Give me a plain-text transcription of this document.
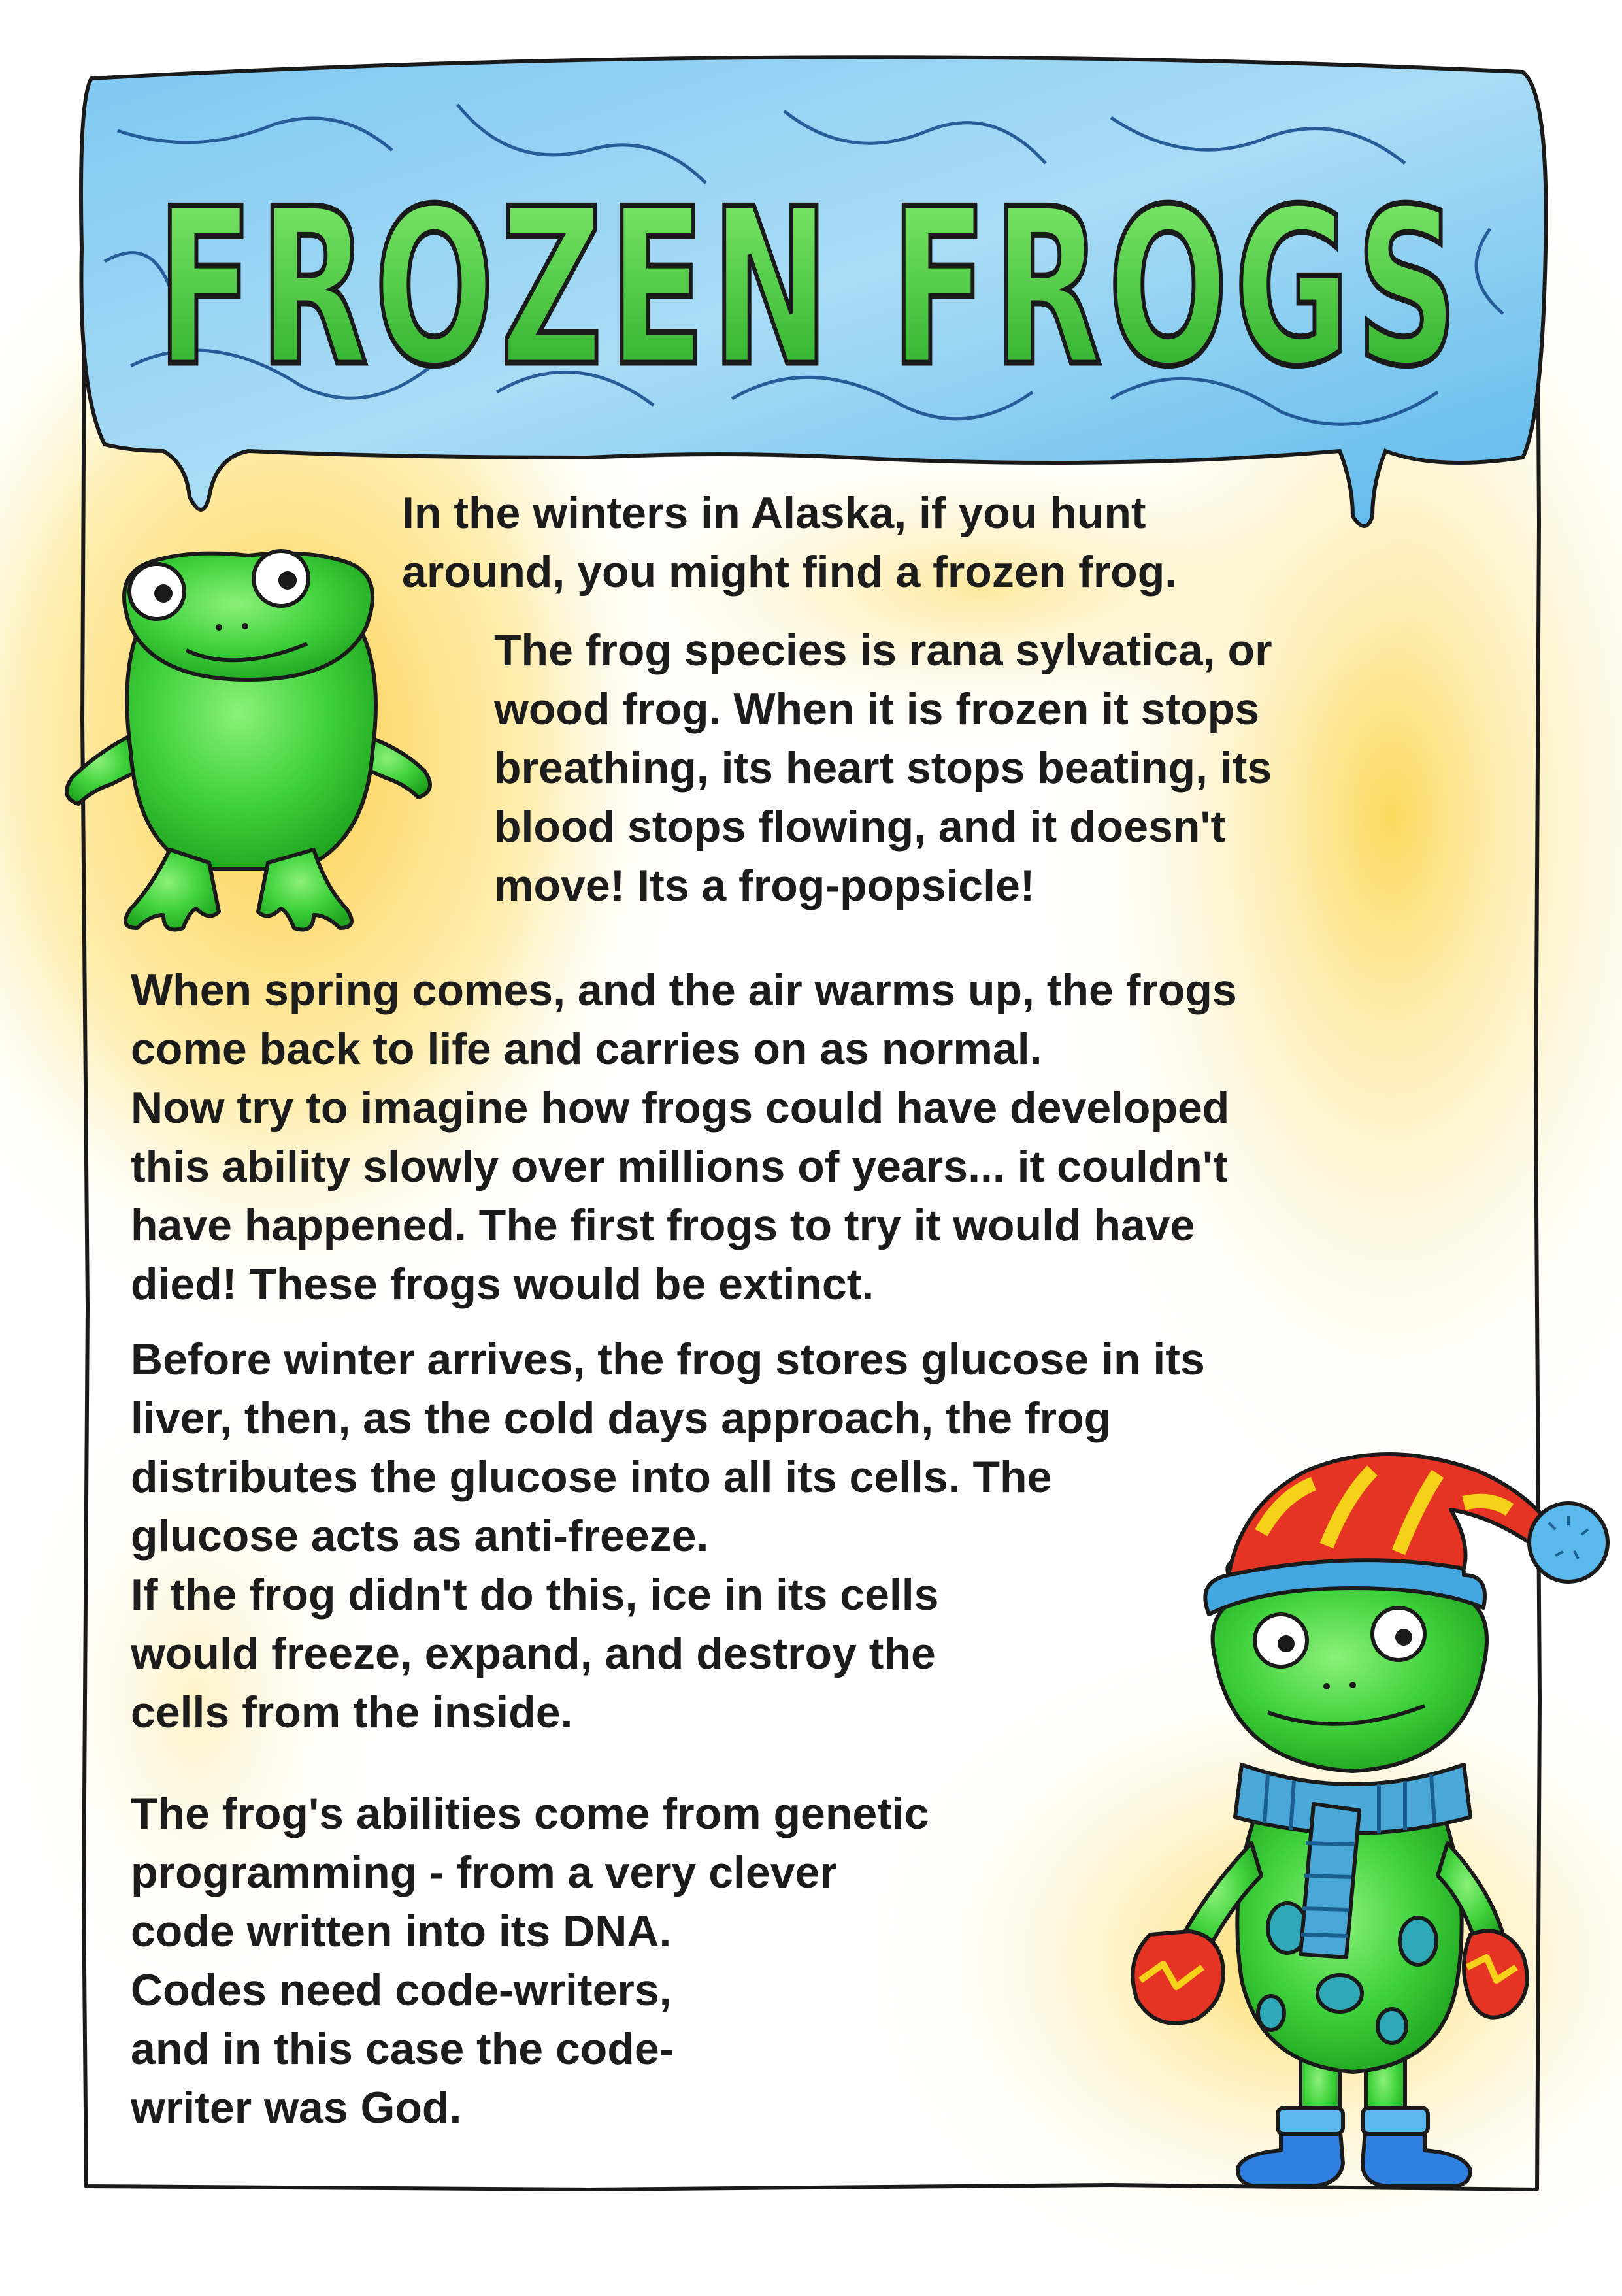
FROZEN FROGS

In the winters in Alaska, if you hunt
around, you might find a frozen frog.

The frog species is rana sylvatica, or
wood frog. When it is frozen it stops
breathing, its heart stops beating, its
blood stops flowing, and it doesn't
move! Its a frog-popsicle!

When spring comes, and the air warms up, the frogs
come back to life and carries on as normal.
Now try to imagine how frogs could have developed
this ability slowly over millions of years... it couldn't
have happened. The first frogs to try it would have
died! These frogs would be extinct.

Before winter arrives, the frog stores glucose in its
liver, then, as the cold days approach, the frog
distributes the glucose into all its cells. The
glucose acts as anti-freeze.
If the frog didn't do this, ice in its cells
would freeze, expand, and destroy the
cells from the inside.

The frog's abilities come from genetic
programming - from a very clever
code written into its DNA.
Codes need code-writers,
and in this case the code-
writer was God.
